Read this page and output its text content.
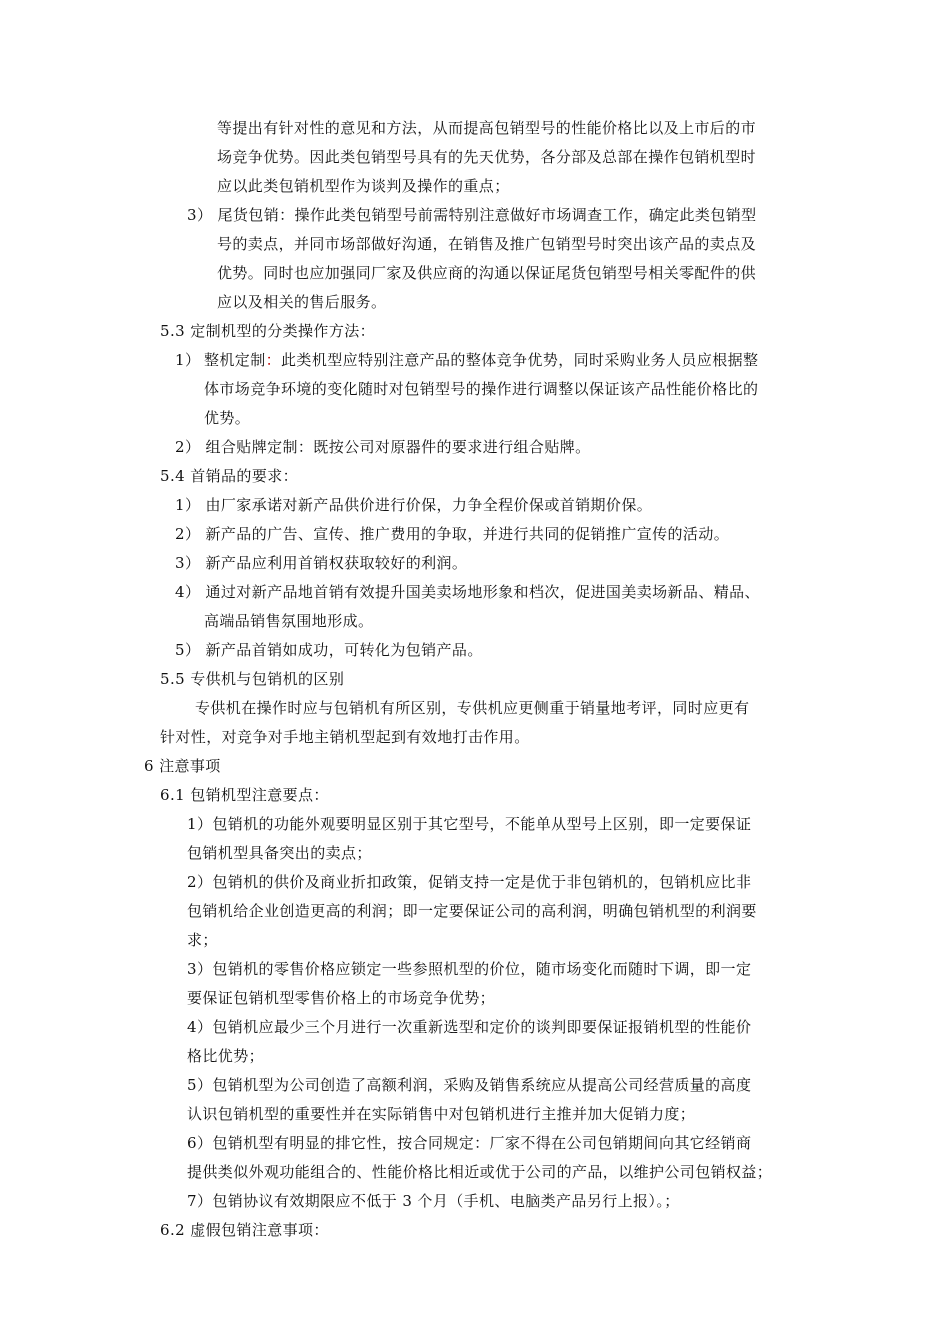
等提出有针对性的意见和方法，从而提高包销型号的性能价格比以及上市后的市
场竞争优势。因此类包销型号具有的先天优势，各分部及总部在操作包销机型时
应以此类包销机型作为谈判及操作的重点；
3） 尾货包销：操作此类包销型号前需特别注意做好市场调查工作，确定此类包销型
号的卖点，并同市场部做好沟通，在销售及推广包销型号时突出该产品的卖点及
优势。同时也应加强同厂家及供应商的沟通以保证尾货包销型号相关零配件的供
应以及相关的售后服务。
5.3 定制机型的分类操作方法：
1） 整机定制：此类机型应特别注意产品的整体竞争优势，同时采购业务人员应根据整
体市场竞争环境的变化随时对包销型号的操作进行调整以保证该产品性能价格比的
优势。
2） 组合贴牌定制：既按公司对原器件的要求进行组合贴牌。
5.4 首销品的要求：
1） 由厂家承诺对新产品供价进行价保，力争全程价保或首销期价保。
2） 新产品的广告、宣传、推广费用的争取，并进行共同的促销推广宣传的活动。
3） 新产品应利用首销权获取较好的利润。
4） 通过对新产品地首销有效提升国美卖场地形象和档次，促进国美卖场新品、精品、
高端品销售氛围地形成。
5） 新产品首销如成功，可转化为包销产品。
5.5 专供机与包销机的区别
专供机在操作时应与包销机有所区别，专供机应更侧重于销量地考评，同时应更有
针对性，对竞争对手地主销机型起到有效地打击作用。
6 注意事项
6.1 包销机型注意要点：
1）包销机的功能外观要明显区别于其它型号，不能单从型号上区别，即一定要保证
包销机型具备突出的卖点；
2）包销机的供价及商业折扣政策，促销支持一定是优于非包销机的，包销机应比非
包销机给企业创造更高的利润；即一定要保证公司的高利润，明确包销机型的利润要
求；
3）包销机的零售价格应锁定一些参照机型的价位，随市场变化而随时下调，即一定
要保证包销机型零售价格上的市场竞争优势；
4）包销机应最少三个月进行一次重新选型和定价的谈判即要保证报销机型的性能价
格比优势；
5）包销机型为公司创造了高额利润，采购及销售系统应从提高公司经营质量的高度
认识包销机型的重要性并在实际销售中对包销机进行主推并加大促销力度；
6）包销机型有明显的排它性，按合同规定：厂家不得在公司包销期间向其它经销商
提供类似外观功能组合的、性能价格比相近或优于公司的产品，以维护公司包销权益；
7）包销协议有效期限应不低于 3 个月（手机、电脑类产品另行上报）。；
6.2 虚假包销注意事项：
